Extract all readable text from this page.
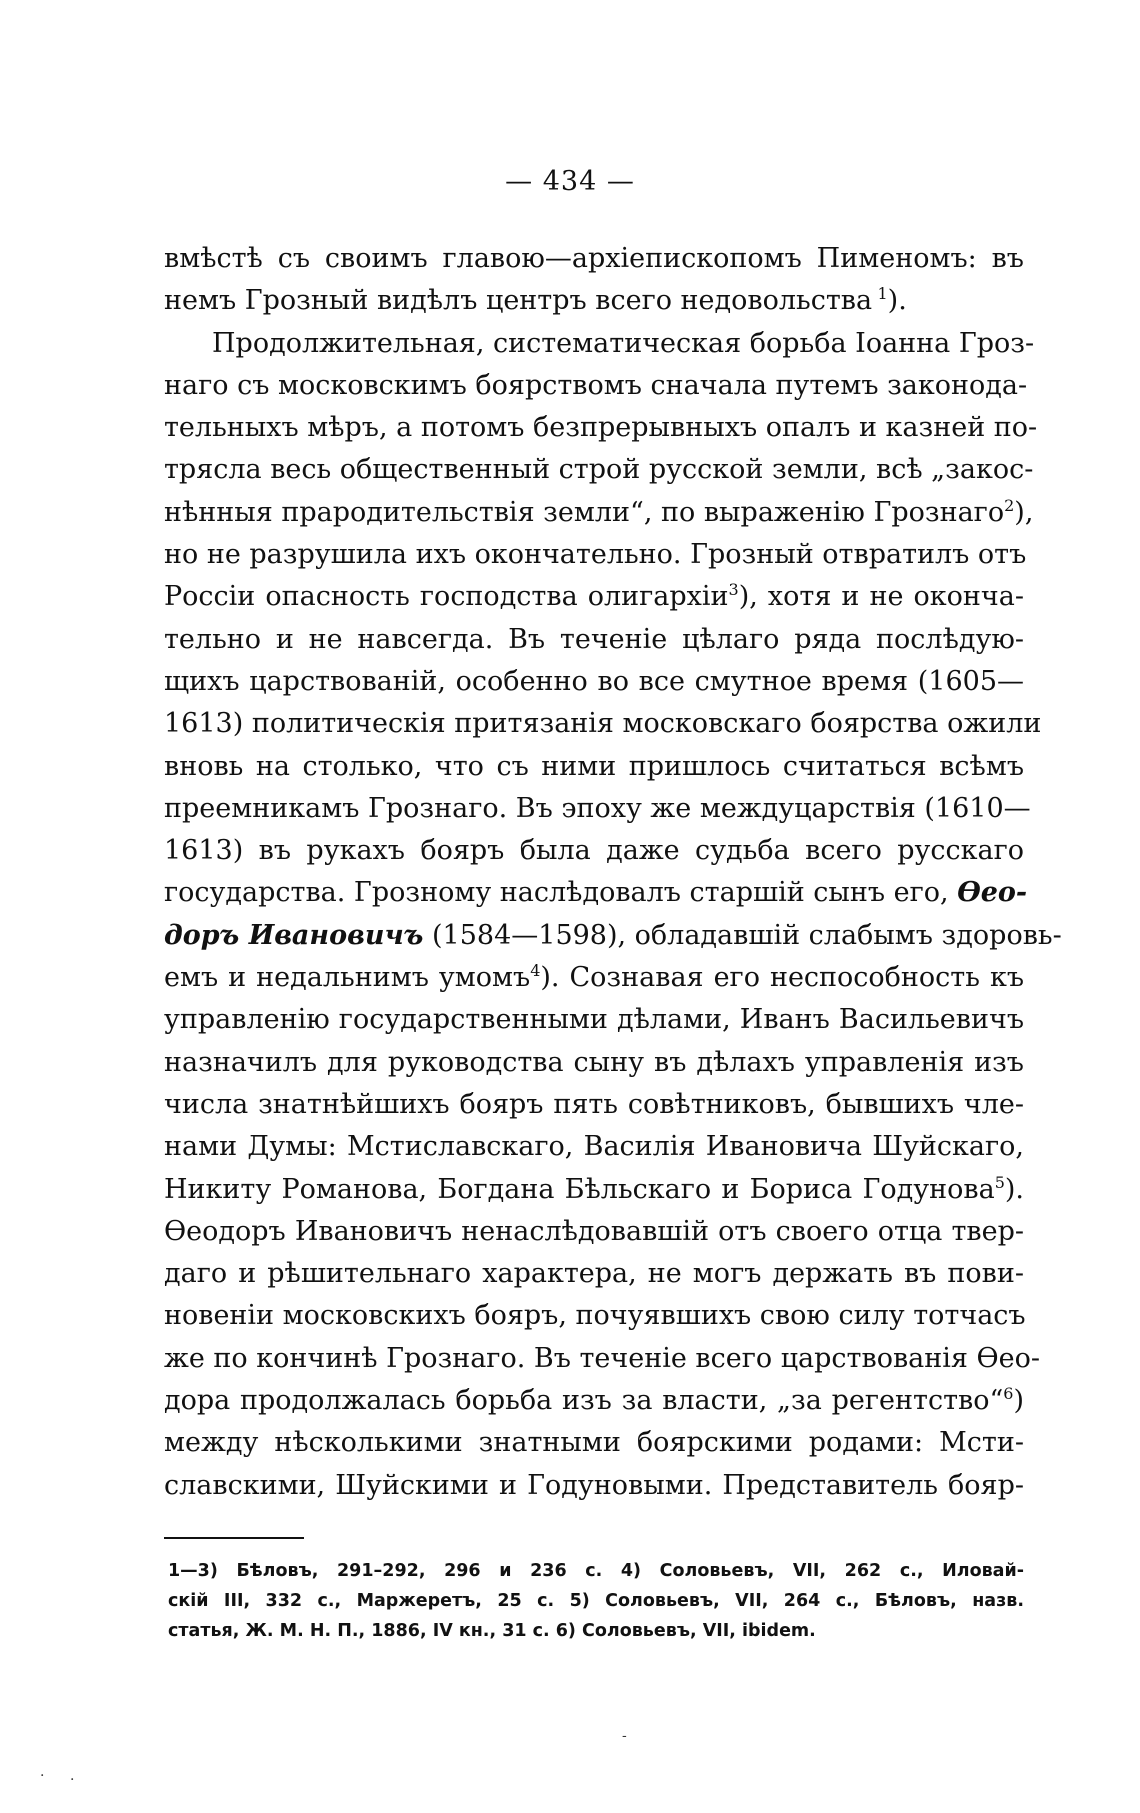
— 434 —
вмѣстѣ съ своимъ главою—архіепископомъ Пименомъ: въ
немъ Грозный видѣлъ центръ всего недовольства  $^1$).
Продолжительная, систематическая борьба Іоанна Гроз-
наго съ московскимъ боярствомъ сначала путемъ законода-
тельныхъ мѣръ, а потомъ безпрерывныхъ опалъ и казней по-
трясла весь общественный строй русской земли, всѣ „закос-
нѣнныя прародительствія земли“, по выраженію Грознаго$^2$),
но не разрушила ихъ окончательно. Грозный отвратилъ отъ
Россіи опасность господства олигархіи$^3$), хотя и не оконча-
тельно и не навсегда. Въ теченіе цѣлаго ряда послѣдую-
щихъ царствованій, особенно во все смутное время (1605—
1613) политическія притязанія московскаго боярства ожили
вновь на столько, что съ ними пришлось считаться всѣмъ
преемникамъ Грознаго. Въ эпоху же междуцарствія (1610—
1613) въ рукахъ бояръ была даже судьба всего русскаго
государства. Грозному наслѣдовалъ старшій сынъ его, Ѳео-
доръ Ивановичъ (1584—1598), обладавшій слабымъ здоровь-
емъ и недальнимъ умомъ$^4$). Сознавая его неспособность къ
управленію государственными дѣлами, Иванъ Васильевичъ
назначилъ для руководства сыну въ дѣлахъ управленія изъ
числа знатнѣйшихъ бояръ пять совѣтниковъ, бывшихъ чле-
нами Думы: Мстиславскаго, Василія Ивановича Шуйскаго,
Никиту Романова, Богдана Бѣльскаго и Бориса Годунова$^5$).
Ѳеодоръ Ивановичъ ненаслѣдовавшій отъ своего отца твер-
даго и рѣшительнаго характера, не могъ держать въ пови-
новеніи московскихъ бояръ, почуявшихъ свою силу тотчасъ
же по кончинѣ Грознаго. Въ теченіе всего царствованія Ѳео-
дора продолжалась борьба изъ за власти, „за регентство“$^6$)
между нѣсколькими знатными боярскими родами: Мсти-
славскими, Шуйскими и Годуновыми. Представитель бояр-
1—3) Бѣловъ, 291–292, 296 и 236 с. 4) Соловьевъ, VII, 262 с., Иловай-
скій III, 332 с., Маржеретъ, 25 с. 5) Соловьевъ, VII, 264 с., Бѣловъ, назв.
статья, Ж. М. Н. П., 1886, IV кн., 31 с. 6) Соловьевъ, VII, ibidem.
· ·
-
